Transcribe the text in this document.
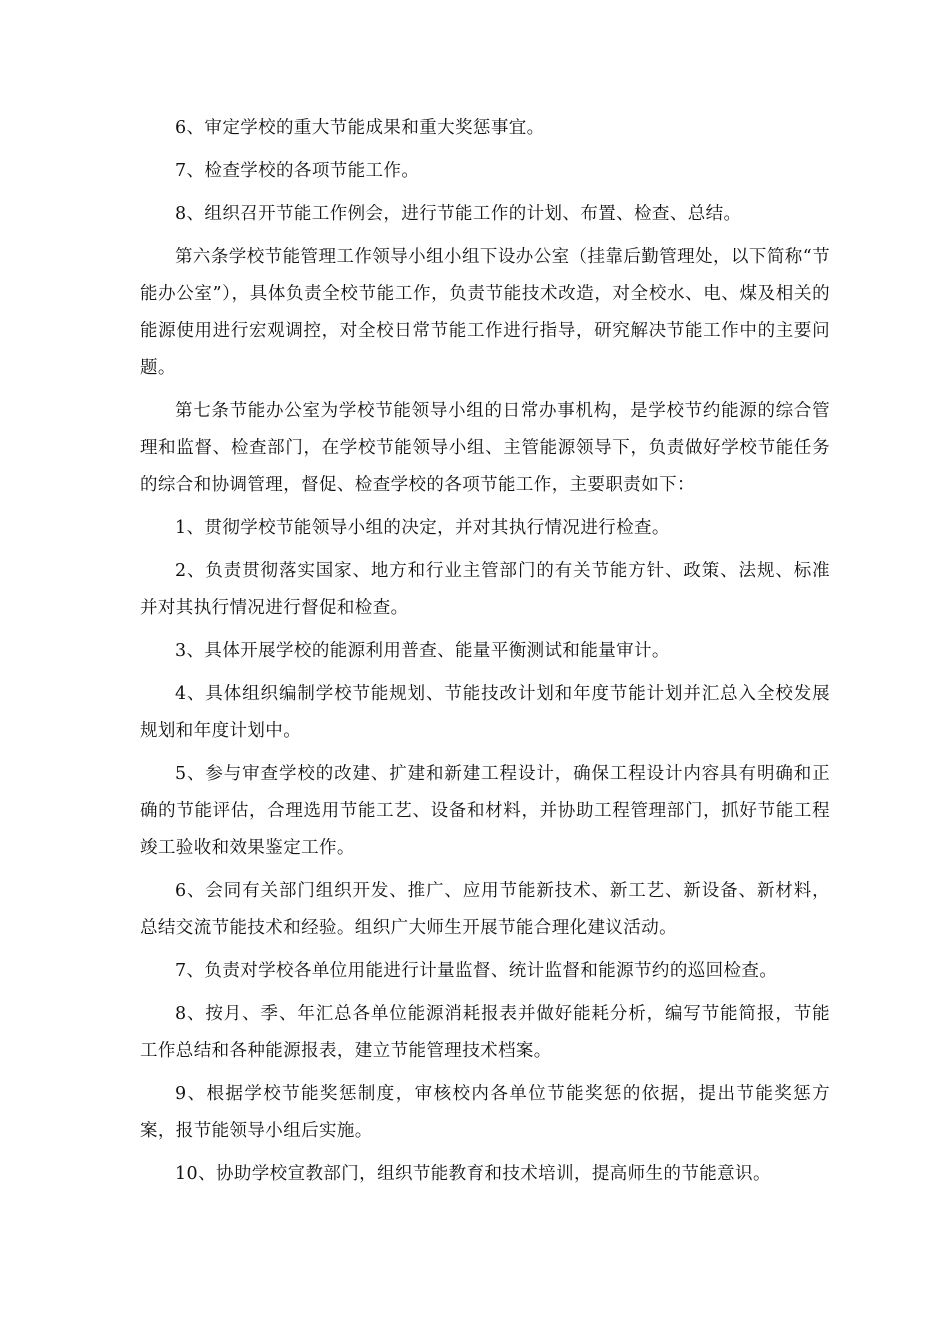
6、审定学校的重大节能成果和重大奖惩事宜。

7、检查学校的各项节能工作。

8、组织召开节能工作例会，进行节能工作的计划、布置、检查、总结。

第六条学校节能管理工作领导小组小组下设办公室（挂靠后勤管理处，以下简称“节能办公室”），具体负责全校节能工作，负责节能技术改造，对全校水、电、煤及相关的能源使用进行宏观调控，对全校日常节能工作进行指导，研究解决节能工作中的主要问题。

第七条节能办公室为学校节能领导小组的日常办事机构，是学校节约能源的综合管理和监督、检查部门，在学校节能领导小组、主管能源领导下，负责做好学校节能任务的综合和协调管理，督促、检查学校的各项节能工作，主要职责如下：

1、贯彻学校节能领导小组的决定，并对其执行情况进行检查。

2、负责贯彻落实国家、地方和行业主管部门的有关节能方针、政策、法规、标准并对其执行情况进行督促和检查。

3、具体开展学校的能源利用普查、能量平衡测试和能量审计。

4、具体组织编制学校节能规划、节能技改计划和年度节能计划并汇总入全校发展规划和年度计划中。

5、参与审查学校的改建、扩建和新建工程设计，确保工程设计内容具有明确和正确的节能评估，合理选用节能工艺、设备和材料，并协助工程管理部门，抓好节能工程竣工验收和效果鉴定工作。

6、会同有关部门组织开发、推广、应用节能新技术、新工艺、新设备、新材料，总结交流节能技术和经验。组织广大师生开展节能合理化建议活动。

7、负责对学校各单位用能进行计量监督、统计监督和能源节约的巡回检查。

8、按月、季、年汇总各单位能源消耗报表并做好能耗分析，编写节能简报，节能工作总结和各种能源报表，建立节能管理技术档案。

9、根据学校节能奖惩制度，审核校内各单位节能奖惩的依据，提出节能奖惩方案，报节能领导小组后实施。

10、协助学校宣教部门，组织节能教育和技术培训，提高师生的节能意识。
